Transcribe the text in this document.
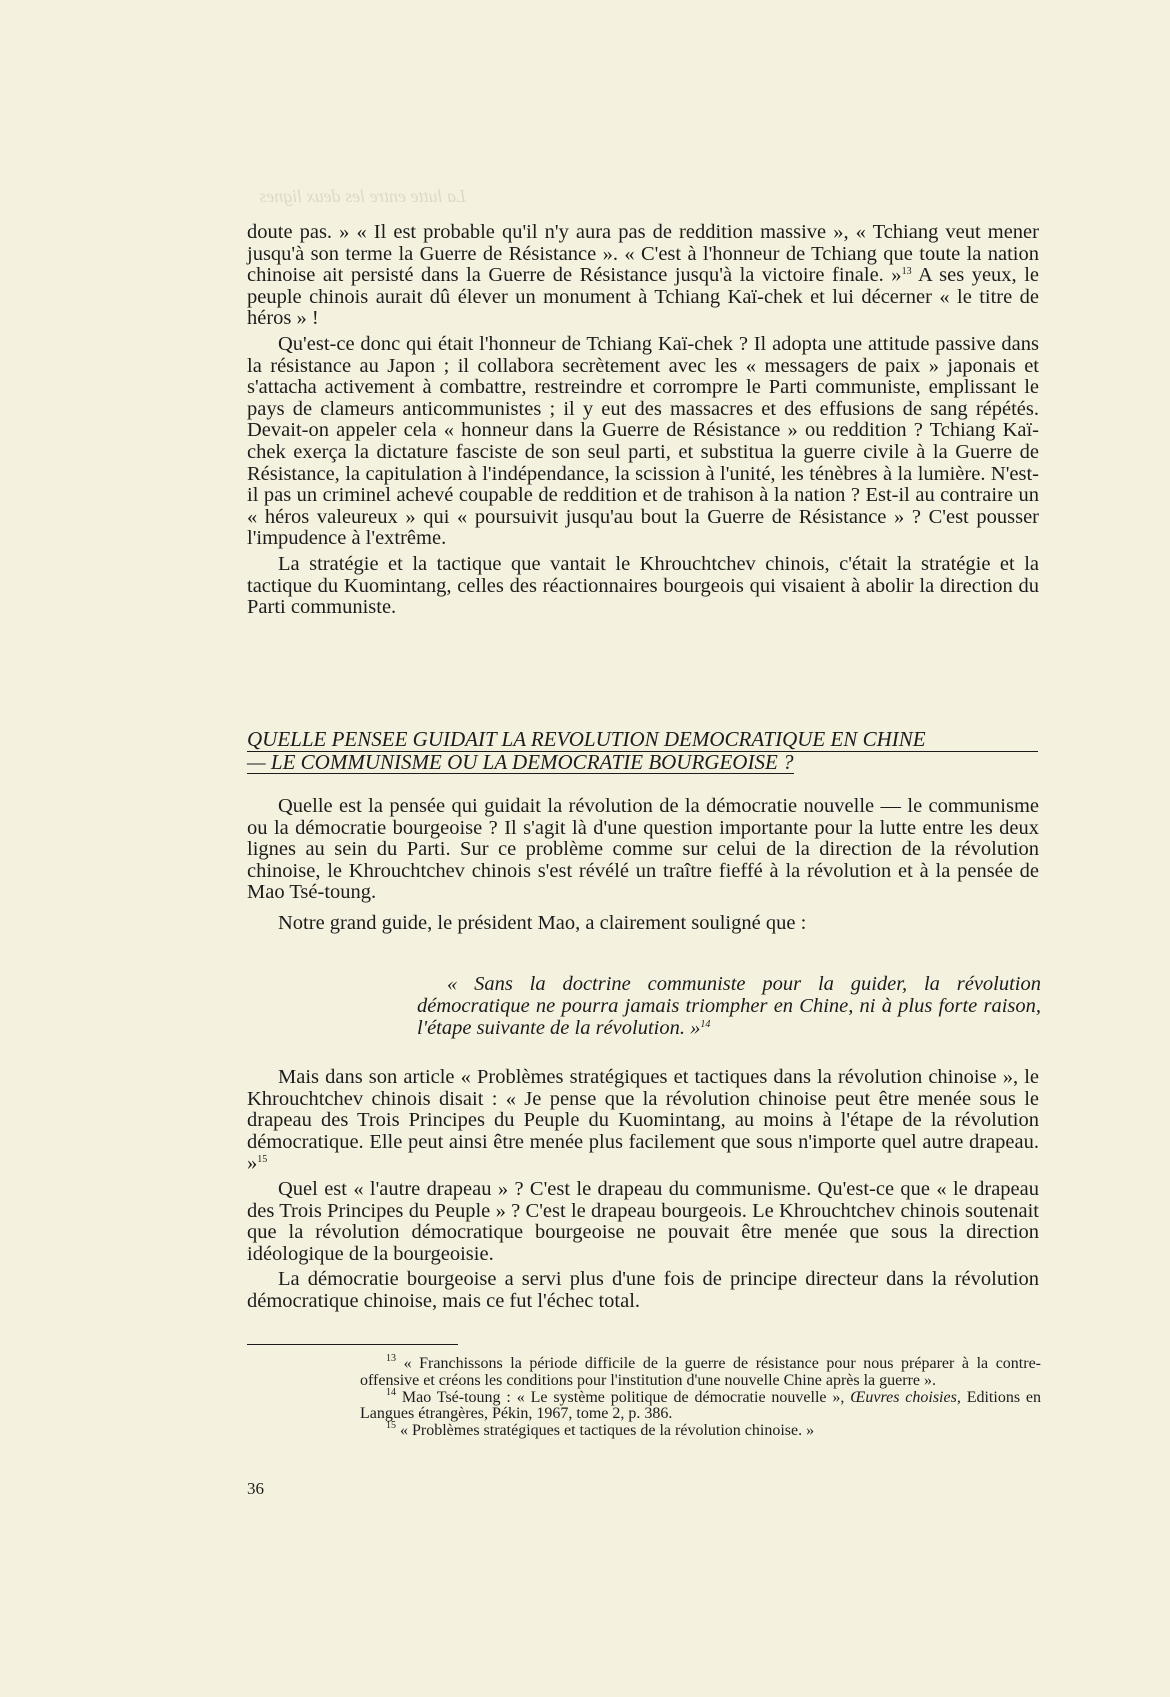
La lutte entre les deux lignes

doute pas. » « Il est probable qu'il n'y aura pas de reddition massive », « Tchiang veut mener jusqu'à son terme la Guerre de Résistance ». « C'est à l'honneur de Tchiang que toute la nation chinoise ait persisté dans la Guerre de Résistance jusqu'à la victoire finale. »$^{13}$ A ses yeux, le peuple chinois aurait dû élever un monument à Tchiang Kaï-chek et lui décerner « le titre de héros » !

Qu'est-ce donc qui était l'honneur de Tchiang Kaï-chek ? Il adopta une attitude passive dans la résistance au Japon ; il collabora secrètement avec les « messagers de paix » japonais et s'attacha activement à combattre, restreindre et corrompre le Parti communiste, emplissant le pays de clameurs anticommunistes ; il y eut des massacres et des effusions de sang répétés. Devait-on appeler cela « honneur dans la Guerre de Résistance » ou reddition ? Tchiang Kaï-chek exerça la dictature fasciste de son seul parti, et substitua la guerre civile à la Guerre de Résistance, la capitulation à l'indépendance, la scission à l'unité, les ténèbres à la lumière. N'est-il pas un criminel achevé coupable de reddition et de trahison à la nation ? Est-il au contraire un « héros valeureux » qui « poursuivit jusqu'au bout la Guerre de Résistance » ? C'est pousser l'impudence à l'extrême.

La stratégie et la tactique que vantait le Khrouchtchev chinois, c'était la stratégie et la tactique du Kuomintang, celles des réactionnaires bourgeois qui visaient à abolir la direction du Parti communiste.

QUELLE PENSEE GUIDAIT LA REVOLUTION DEMOCRATIQUE EN CHINE
— LE COMMUNISME OU LA DEMOCRATIE BOURGEOISE ?

Quelle est la pensée qui guidait la révolution de la démocratie nouvelle — le communisme ou la démocratie bourgeoise ? Il s'agit là d'une question importante pour la lutte entre les deux lignes au sein du Parti. Sur ce problème comme sur celui de la direction de la révolution chinoise, le Khrouchtchev chinois s'est révélé un traître fieffé à la révolution et à la pensée de Mao Tsé-toung.

Notre grand guide, le président Mao, a clairement souligné que :

« Sans la doctrine communiste pour la guider, la révolution démocratique ne pourra jamais triompher en Chine, ni à plus forte raison, l'étape suivante de la révolution. »$^{14}$

Mais dans son article « Problèmes stratégiques et tactiques dans la révolution chinoise », le Khrouchtchev chinois disait : « Je pense que la révolution chinoise peut être menée sous le drapeau des Trois Principes du Peuple du Kuomintang, au moins à l'étape de la révolution démocratique. Elle peut ainsi être menée plus facilement que sous n'importe quel autre drapeau. »$^{15}$

Quel est « l'autre drapeau » ? C'est le drapeau du communisme. Qu'est-ce que « le drapeau des Trois Principes du Peuple » ? C'est le drapeau bourgeois. Le Khrouchtchev chinois soutenait que la révolution démocratique bourgeoise ne pouvait être menée que sous la direction idéologique de la bourgeoisie.

La démocratie bourgeoise a servi plus d'une fois de principe directeur dans la révolution démocratique chinoise, mais ce fut l'échec total.

$^{13}$ « Franchissons la période difficile de la guerre de résistance pour nous préparer à la contre-offensive et créons les conditions pour l'institution d'une nouvelle Chine après la guerre ».

$^{14}$ Mao Tsé-toung : « Le système politique de démocratie nouvelle », Œuvres choisies, Editions en Langues étrangères, Pékin, 1967, tome 2, p. 386.

$^{15}$ « Problèmes stratégiques et tactiques de la révolution chinoise. »

36
